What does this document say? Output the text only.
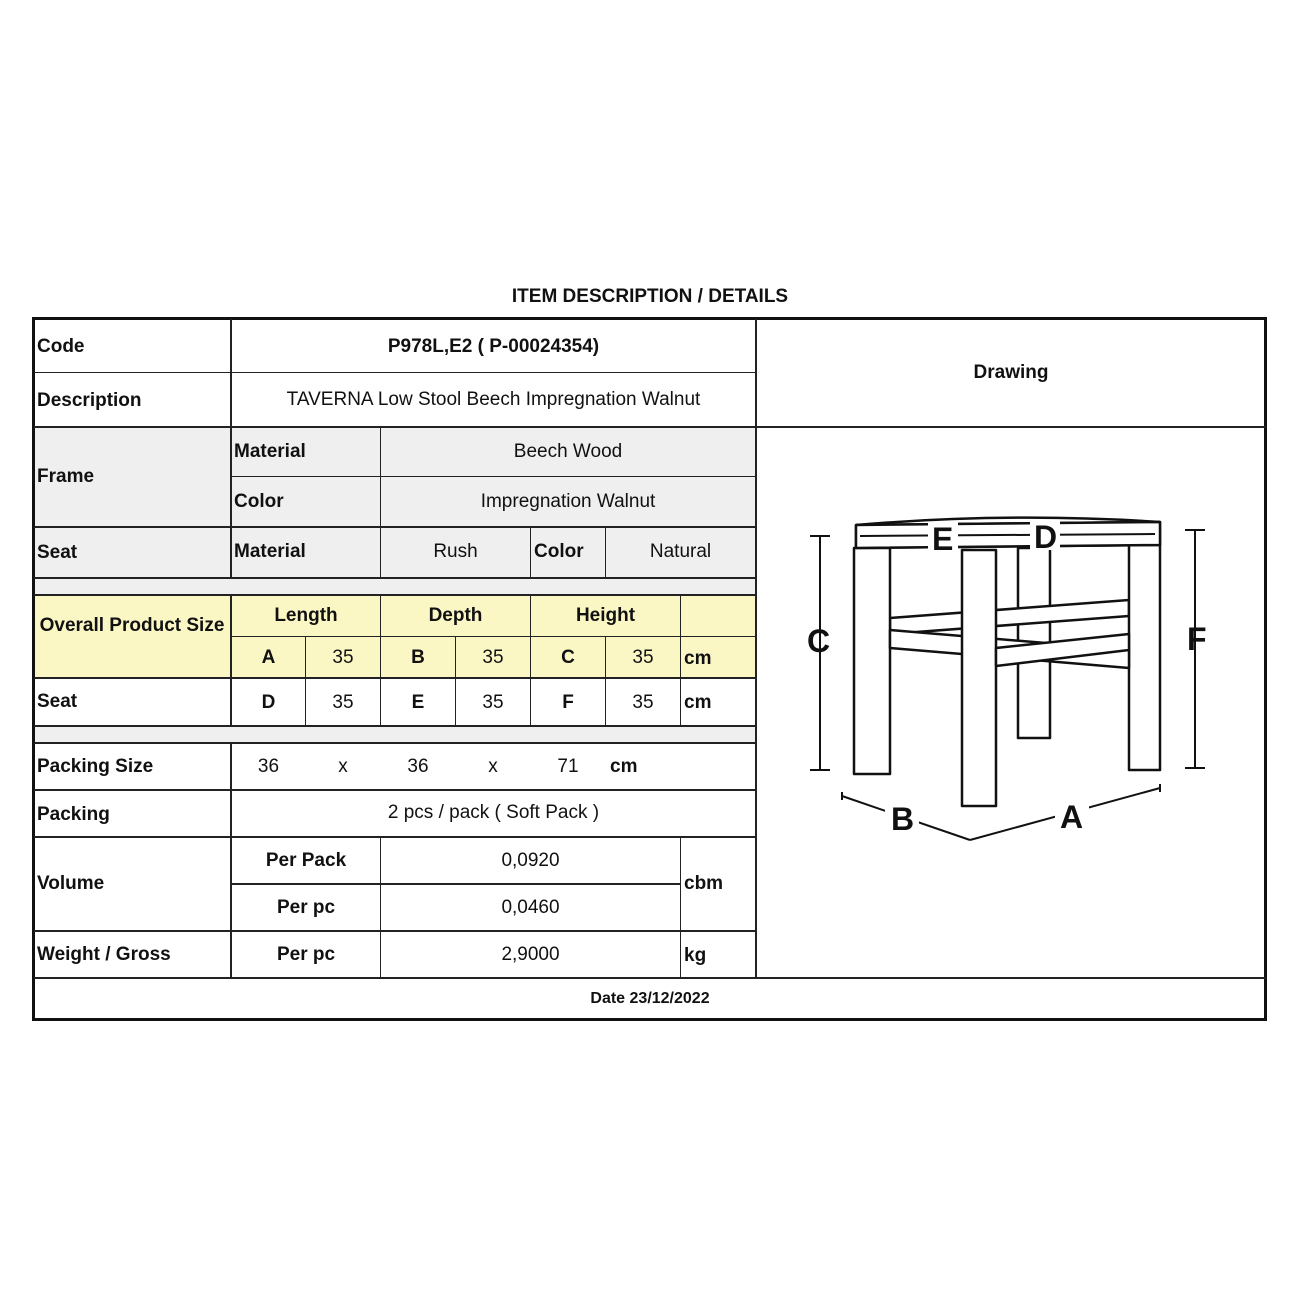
ITEM DESCRIPTION / DETAILS
Code	P978L,E2 ( P-00024354)
Drawing
Description	TAVERNA Low Stool Beech Impregnation Walnut
Frame
Material	Beech Wood
Color	Impregnation Walnut
Seat	Material	Rush	Color	Natural
Overall Product Size	Length	Depth	Height
A	35	B	35	C	35	cm
Seat	D	35	E	35	F	35	cm
Packing Size	36	x	36	x	71	cm
Packing	2 pcs / pack ( Soft Pack )
Volume
Per Pack	0,0920
Per pc	0,0460
cbm
Weight / Gross	Per pc	2,9000	kg
Date 23/12/2022
C	F
E	D
B	A
